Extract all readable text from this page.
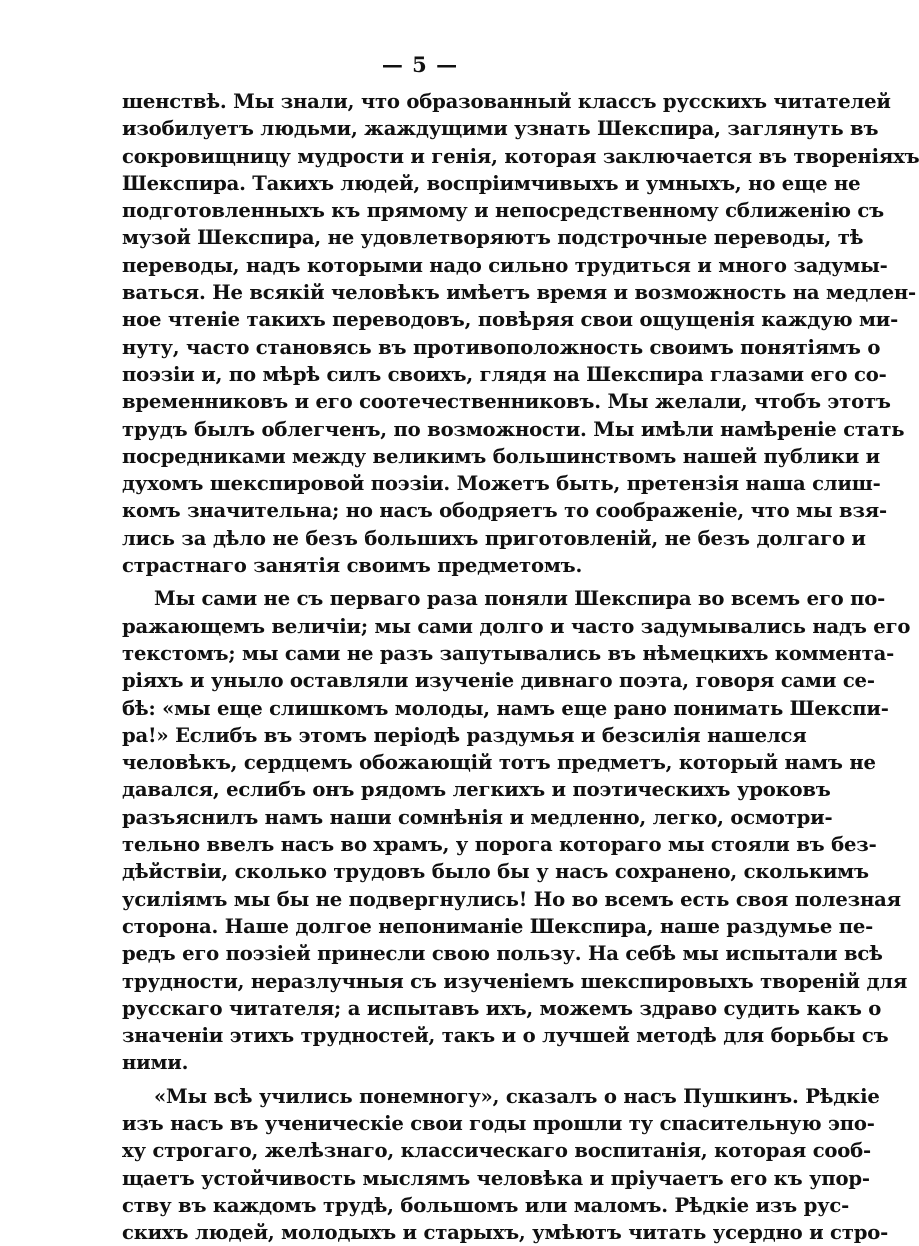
— 5 —
шенствѣ. Мы знали, что образованный классъ русскихъ читателей
изобилуетъ людьми, жаждущими узнать Шекспира, заглянуть въ
сокровищницу мудрости и генія, которая заключается въ твореніяхъ
Шекспира. Такихъ людей, воспріимчивыхъ и умныхъ, но еще не
подготовленныхъ къ прямому и непосредственному сближенію съ
музой Шекспира, не удовлетворяютъ подстрочные переводы, тѣ
переводы, надъ которыми надо сильно трудиться и много задумы-
ваться. Не всякій человѣкъ имѣетъ время и возможность на медлен-
ное чтеніе такихъ переводовъ, повѣряя свои ощущенія каждую ми-
нуту, часто становясь въ противоположность своимъ понятіямъ о
поэзіи и, по мѣрѣ силъ своихъ, глядя на Шекспира глазами его со-
временниковъ и его соотечественниковъ. Мы желали, чтобъ этотъ
трудъ былъ облегченъ, по возможности. Мы имѣли намѣреніе стать
посредниками между великимъ большинствомъ нашей публики и
духомъ шекспировой поэзіи. Можетъ быть, претензія наша слиш-
комъ значительна; но насъ ободряетъ то соображеніе, что мы взя-
лись за дѣло не безъ большихъ приготовленій, не безъ долгаго и
страстнаго занятія своимъ предметомъ.
Мы сами не съ перваго раза поняли Шекспира во всемъ его по-
ражающемъ величіи; мы сами долго и часто задумывались надъ его
текстомъ; мы сами не разъ запутывались въ нѣмецкихъ коммента-
ріяхъ и уныло оставляли изученіе дивнаго поэта, говоря сами се-
бѣ: «мы еще слишкомъ молоды, намъ еще рано понимать Шекспи-
ра!» Еслибъ въ этомъ періодѣ раздумья и безсилія нашелся
человѣкъ, сердцемъ обожающій тотъ предметъ, который намъ не
давался, еслибъ онъ рядомъ легкихъ и поэтическихъ уроковъ
разъяснилъ намъ наши сомнѣнія и медленно, легко, осмотри-
тельно ввелъ насъ во храмъ, у порога котораго мы стояли въ без-
дѣйствіи, сколько трудовъ было бы у насъ сохранено, сколькимъ
усиліямъ мы бы не подвергнулись! Но во всемъ есть своя полезная
сторона. Наше долгое непониманіе Шекспира, наше раздумье пе-
редъ его поэзіей принесли свою пользу. На себѣ мы испытали всѣ
трудности, неразлучныя съ изученіемъ шекспировыхъ твореній для
русскаго читателя; а испытавъ ихъ, можемъ здраво судить какъ о
значеніи этихъ трудностей, такъ и о лучшей методѣ для борьбы съ
ними.
«Мы всѣ учились понемногу», сказалъ о насъ Пушкинъ. Рѣдкіе
изъ насъ въ ученическіе свои годы прошли ту спасительную эпо-
ху строгаго, желѣзнаго, классическаго воспитанія, которая сооб-
щаетъ устойчивость мыслямъ человѣка и пріучаетъ его къ упор-
ству въ каждомъ трудѣ, большомъ или маломъ. Рѣдкіе изъ рус-
скихъ людей, молодыхъ и старыхъ, умѣютъ читать усердно и стро-
